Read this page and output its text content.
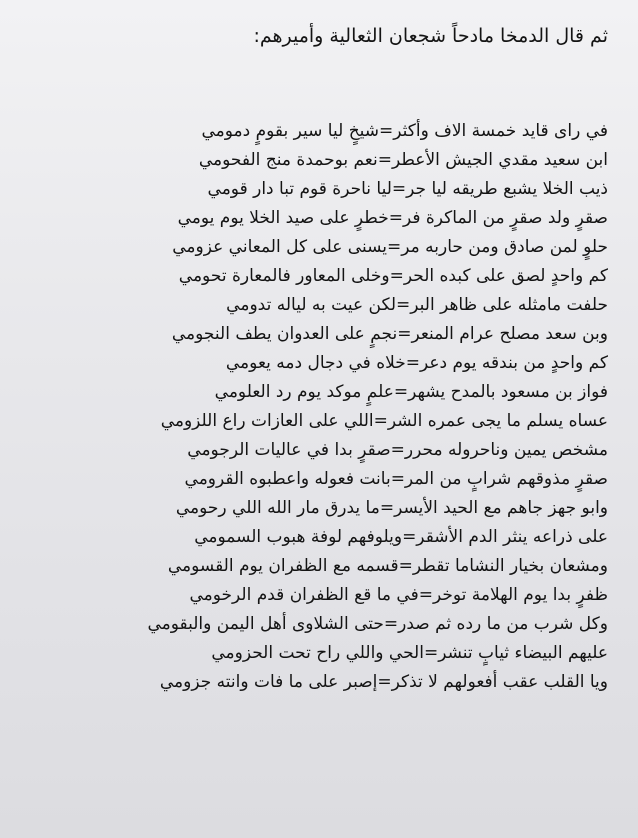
ثم قال الدمخا مادحاً شجعان الثعالية وأميرهم:
في راى قايد خمسة الاف وأكثر=شيخٍ ليا سير بقومٍ دمومي
ابن سعيد مقدي الجيش الأعطر=نعم بوحمدة منج الفحومي
ذيب الخلا يشبع طريقه ليا جر=ليا ناحرة قوم تبا دار قومي
صقرٍ ولد صقرٍ من الماكرة فر=خطرٍ على صيد الخلا يوم يومي
حلوٍ لمن صادق ومن حاربه مر=يسنى على كل المعاني عزومي
كم واحدٍ لصق على كبده الحر=وخلى المعاور فالمعارة تحومي
حلفت مامثله على ظاهر البر=لكن عيت به لياله تدومي
وبن سعد مصلح عرام المنعر=نجمٍ على العدوان يطف النجومي
كم واحدٍ من بندقه يوم دعر=خلاه في دجال دمه يعومي
فواز بن مسعود بالمدح يشهر=علمٍ موكد يوم رد العلومي
عساه يسلم ما يجى عمره الشر=اللي على العازات راع اللزومي
مشخص يمين وناحروله محرر=صقرٍ بدا في عاليات الرجومي
صقرٍ مذوقهم شرابٍ من المر=بانت فعوله واعطبوه القرومي
وابو جهز جاهم مع الحيد الأيسر=ما يدرق مار الله اللي رحومي
على ذراعه ينثر الدم الأشقر=ويلوفهم لوفة هبوب السمومي
ومشعان بخيار النشاما تقطر=قسمه مع الظفران يوم القسومي
ظفرٍ بدا يوم الهلامة توخر=في ما قع الظفران قدم الرخومي
وكل شرب من ما رده ثم صدر=حتى الشلاوى أهل اليمن والبقومي
عليهم البيضاء ثيابٍ تنشر=الحي واللي راح تحت الحزومي
ويا القلب عقب أفعولهم لا تذكر=إصبر على ما فات وانته جزومي
